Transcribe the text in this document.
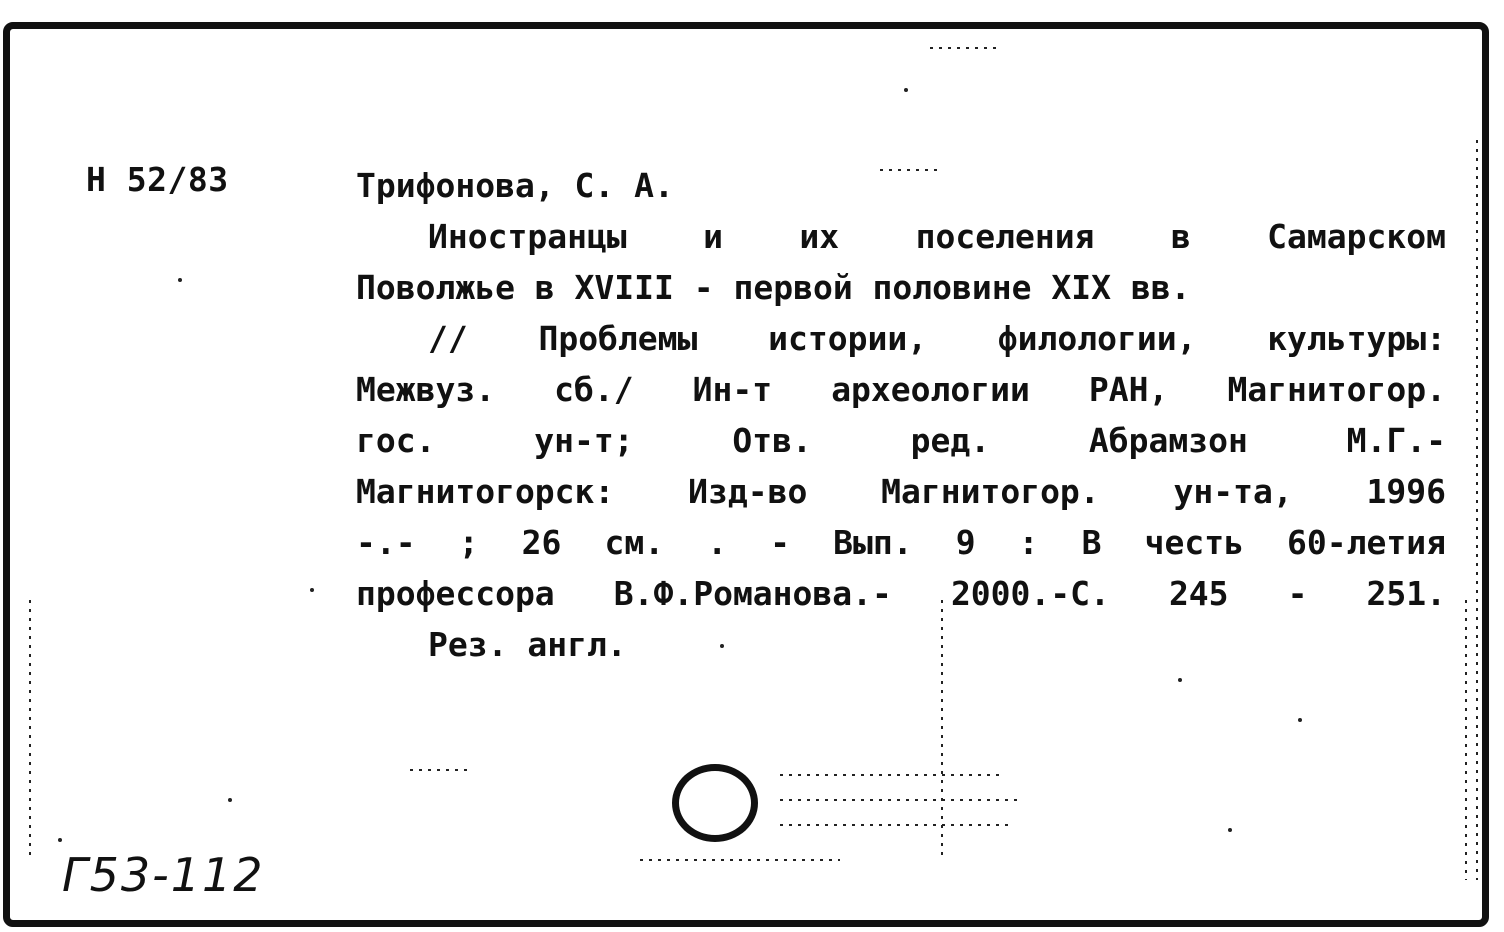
H 52/83	Трифонова, С. А.
Иностранцы и их поселения в Самарском
Поволжье в XVIII - первой половине XIX вв.
// Проблемы истории, филологии, культуры:
Межвуз. сб./ Ин-т археологии РАН, Магнитогор.
гос. ун-т; Отв. ред. Абрамзон М.Г.-
Магнитогорск: Изд-во Магнитогор. ун-та, 1996
-.- ; 26 см. . - Вып. 9 : В честь 60-летия
профессора В.Ф.Романова.- 2000.-С. 245 - 251.
Рез. англ.
Г53-112
